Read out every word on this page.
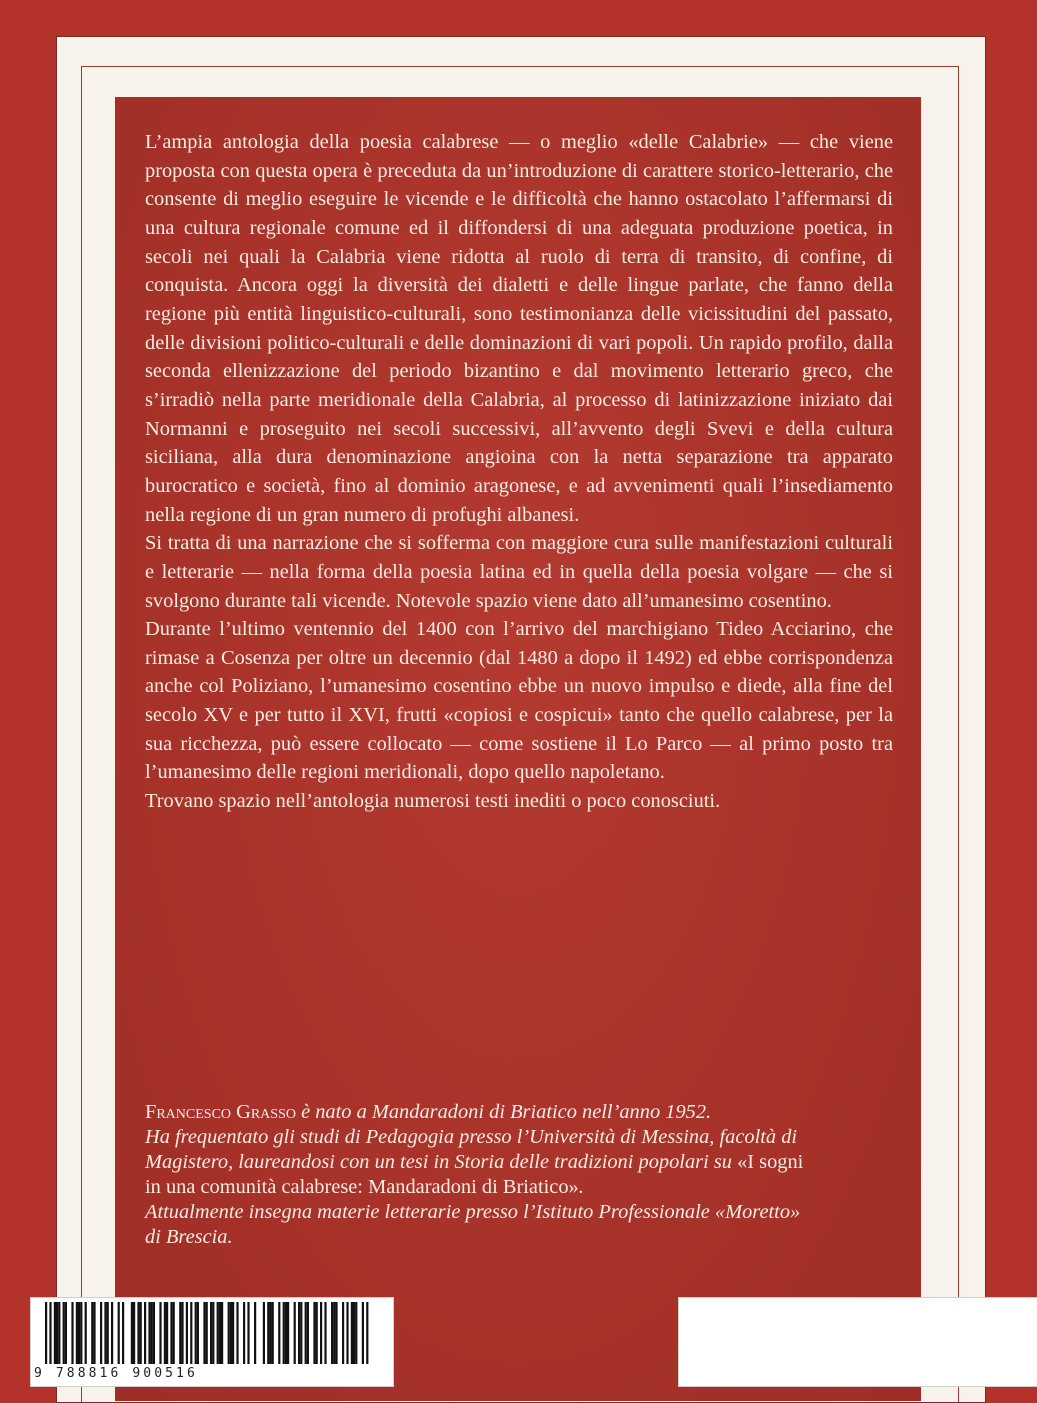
L’ampia antologia della poesia calabrese — o meglio «delle Calabrie» — che viene proposta con questa opera è preceduta da un’introduzione di carattere storico-letterario, che consente di meglio eseguire le vicende e le difficoltà che hanno ostacolato l’affermarsi di una cultura regionale comune ed il diffondersi di una adeguata produzione poetica, in secoli nei quali la Calabria viene ridotta al ruolo di terra di transito, di confine, di conquista. Ancora oggi la diversità dei dialetti e delle lingue parlate, che fanno della regione più entità linguistico-culturali, sono testimonianza delle vicissitudini del passato, delle divisioni politico-culturali e delle dominazioni di vari popoli. Un rapido profilo, dalla seconda ellenizzazione del periodo bizantino e dal movimento letterario greco, che s’irradiò nella parte meridionale della Calabria, al processo di latinizzazione iniziato dai Normanni e proseguito nei secoli successivi, all’avvento degli Svevi e della cultura siciliana, alla dura denominazione angioina con la netta separazione tra apparato burocratico e società, fino al dominio aragonese, e ad avvenimenti quali l’insediamento nella regione di un gran numero di profughi albanesi.

Si tratta di una narrazione che si sofferma con maggiore cura sulle manifestazioni culturali e letterarie — nella forma della poesia latina ed in quella della poesia volgare — che si svolgono durante tali vicende. Notevole spazio viene dato all’umanesimo cosentino.

Durante l’ultimo ventennio del 1400 con l’arrivo del marchigiano Tideo Acciarino, che rimase a Cosenza per oltre un decennio (dal 1480 a dopo il 1492) ed ebbe corrispondenza anche col Poliziano, l’umanesimo cosentino ebbe un nuovo impulso e diede, alla fine del secolo XV e per tutto il XVI, frutti «copiosi e cospicui» tanto che quello calabrese, per la sua ricchezza, può essere collocato — come sostiene il Lo Parco — al primo posto tra l’umanesimo delle regioni meridionali, dopo quello napoletano.

Trovano spazio nell’antologia numerosi testi inediti o poco conosciuti.

Francesco Grasso è nato a Mandaradoni di Briatico nell’anno 1952.
Ha frequentato gli studi di Pedagogia presso l’Università di Messina, facoltà di
Magistero, laureandosi con un tesi in Storia delle tradizioni popolari su «I sogni
in una comunità calabrese: Mandaradoni di Briatico».
Attualmente insegna materie letterarie presso l’Istituto Professionale «Moretto»
di Brescia.
9 788816 900516
